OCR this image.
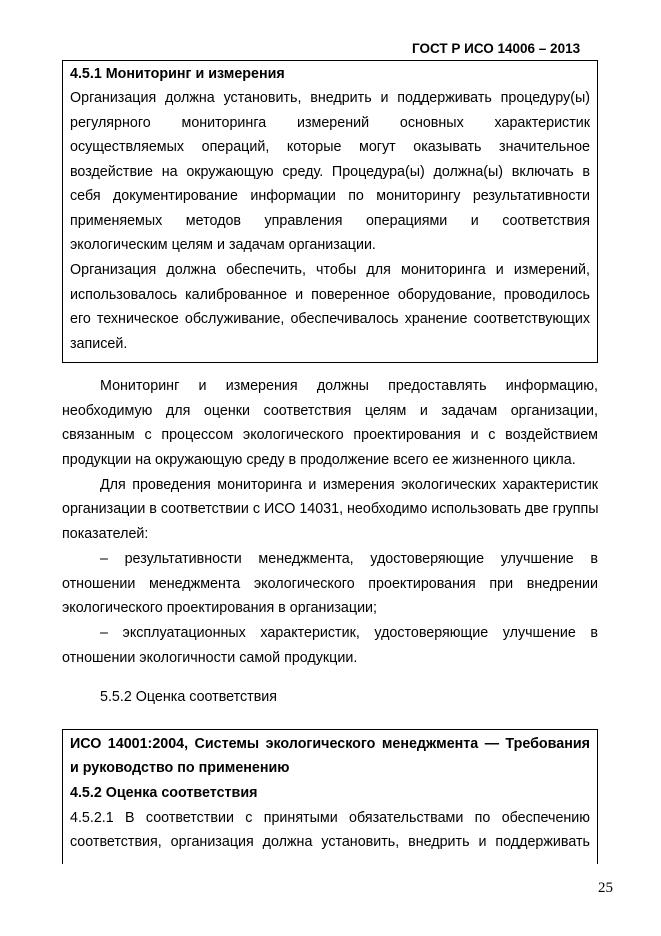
ГОСТ Р ИСО 14006 – 2013
4.5.1 Мониторинг и измерения
Организация должна установить, внедрить и поддерживать процедуру(ы)
регулярного мониторинга измерений основных характеристик
осуществляемых операций, которые могут оказывать значительное
воздействие на окружающую среду. Процедура(ы) должна(ы) включать в
себя документирование информации по мониторингу результативности
применяемых методов управления операциями и соответствия
экологическим целям и задачам организации.
Организация должна обеспечить, чтобы для мониторинга и измерений,
использовалось калиброванное и поверенное оборудование, проводилось
его техническое обслуживание, обеспечивалось хранение соответствующих
записей.
Мониторинг и измерения должны предоставлять информацию,
необходимую для оценки соответствия целям и задачам организации,
связанным с процессом экологического проектирования и с воздействием
продукции на окружающую среду в продолжение всего ее жизненного цикла.
Для проведения мониторинга и измерения экологических характеристик
организации в соответствии с ИСО 14031, необходимо использовать две группы
показателей:
– результативности менеджмента, удостоверяющие улучшение в
отношении менеджмента экологического проектирования при внедрении
экологического проектирования в организации;
– эксплуатационных характеристик, удостоверяющие улучшение в
отношении экологичности самой продукции.
5.5.2 Оценка соответствия
ИСО 14001:2004, Системы экологического менеджмента — Требования
и руководство по применению
4.5.2 Оценка соответствия
4.5.2.1 В соответствии с принятыми обязательствами по обеспечению
соответствия, организация должна установить, внедрить и поддерживать
25
